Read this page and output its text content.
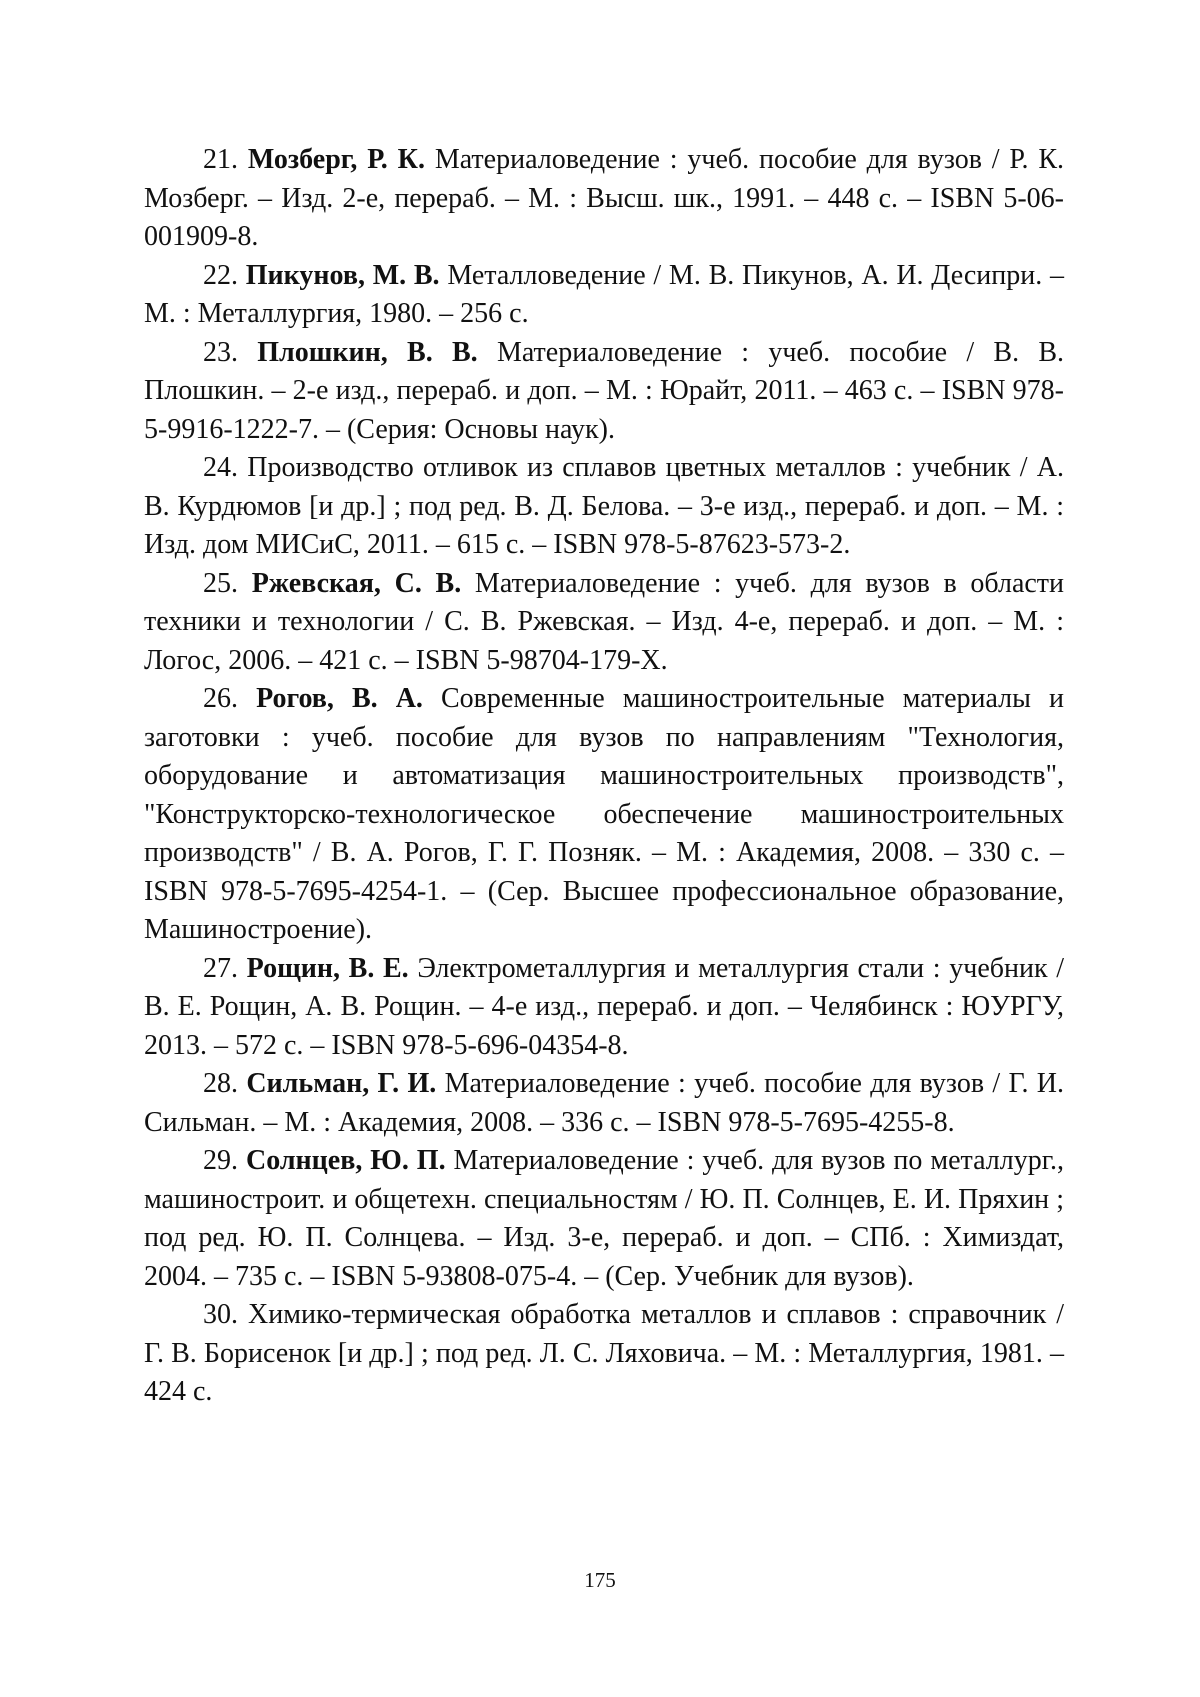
21. Мозберг, Р. К. Материаловедение : учеб. пособие для вузов / Р. К. Мозберг. – Изд. 2-е, перераб. – М. : Высш. шк., 1991. – 448 с. – ISBN 5-06-001909-8.

22. Пикунов, М. В. Металловедение / М. В. Пикунов, А. И. Десипри. – М. : Металлургия, 1980. – 256 с.

23. Плошкин, В. В. Материаловедение : учеб. пособие / В. В. Плошкин. – 2-е изд., перераб. и доп. – М. : Юрайт, 2011. – 463 с. – ISBN 978-5-9916-1222-7. – (Серия: Основы наук).

24. Производство отливок из сплавов цветных металлов : учебник / А. В. Курдюмов [и др.] ; под ред. В. Д. Белова. – 3-е изд., перераб. и доп. – М. : Изд. дом МИСиС, 2011. – 615 с. – ISBN 978-5-87623-573-2.

25. Ржевская, С. В. Материаловедение : учеб. для вузов в области техники и технологии / С. В. Ржевская. – Изд. 4-е, перераб. и доп. – М. : Логос, 2006. – 421 с. – ISBN 5-98704-179-Х.

26. Рогов, В. А. Современные машиностроительные материалы и заготовки : учеб. пособие для вузов по направлениям "Технология, оборудование и автоматизация машиностроительных производств", "Конструкторско-технологическое обеспечение машиностроительных производств" / В. А. Рогов, Г. Г. Позняк. – М. : Академия, 2008. – 330 с. – ISBN 978-5-7695-4254-1. – (Сер. Высшее профессиональное образование, Машиностроение).

27. Рощин, В. Е. Электрометаллургия и металлургия стали : учебник / В. Е. Рощин, А. В. Рощин. – 4-е изд., перераб. и доп. – Челябинск : ЮУРГУ, 2013. – 572 с. – ISBN 978-5-696-04354-8.

28. Сильман, Г. И. Материаловедение : учеб. пособие для вузов / Г. И. Сильман. – М. : Академия, 2008. – 336 с. – ISBN 978-5-7695-4255-8.

29. Солнцев, Ю. П. Материаловедение : учеб. для вузов по металлург., машиностроит. и общетехн. специальностям / Ю. П. Солнцев, Е. И. Пряхин ; под ред. Ю. П. Солнцева. – Изд. 3-е, перераб. и доп. – СПб. : Химиздат, 2004. – 735 с. – ISBN 5-93808-075-4. – (Сер. Учебник для вузов).

30. Химико-термическая обработка металлов и сплавов : справочник / Г. В. Борисенок [и др.] ; под ред. Л. С. Ляховича. – М. : Металлургия, 1981. – 424 с.

175
